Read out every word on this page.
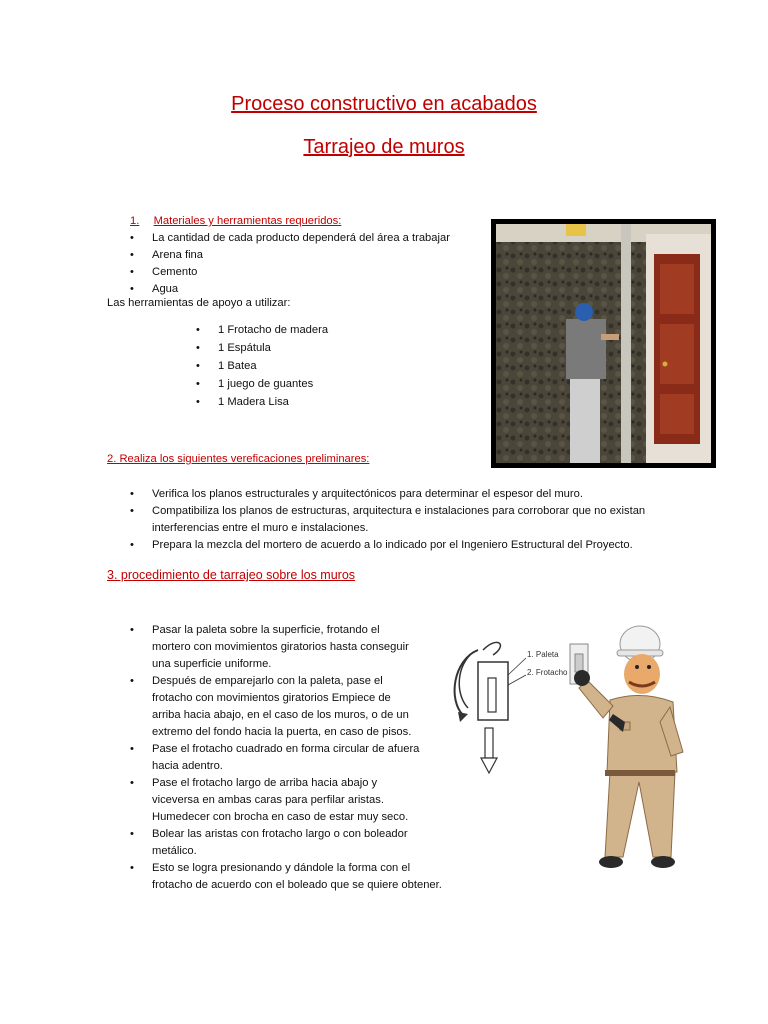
Proceso constructivo en acabados
Tarrajeo de muros
1. Materiales y herramientas requeridos:
• La cantidad de cada producto dependerá del área a trabajar
• Arena fina
• Cemento
• Agua
Las herramientas de apoyo a utilizar:
• 1 Frotacho de madera
• 1 Espátula
• 1 Batea
• 1 juego de guantes
• 1 Madera Lisa
2. Realiza los siguientes vereficaciones preliminares:
• Verifica los planos estructurales y arquitectónicos para determinar el espesor del muro.
• Compatibiliza los planos de estructuras, arquitectura e instalaciones para corroborar que no existan
interferencias entre el muro e instalaciones.
• Prepara la mezcla del mortero de acuerdo a lo indicado por el Ingeniero Estructural del Proyecto.
3. procedimiento de tarrajeo sobre los muros
• Pasar la paleta sobre la superficie, frotando el
mortero con movimientos giratorios hasta conseguir
una superficie uniforme.
• Después de emparejarlo con la paleta, pase el
frotacho con movimientos giratorios Empiece de
arriba hacia abajo, en el caso de los muros, o de un
extremo del fondo hacia la puerta, en caso de pisos.
• Pase el frotacho cuadrado en forma circular de afuera
hacia adentro.
• Pase el frotacho largo de arriba hacia abajo y
viceversa en ambas caras para perfilar aristas.
Humedecer con brocha en caso de estar muy seco.
• Bolear las aristas con frotacho largo o con boleador
metálico.
• Esto se logra presionando y dándole la forma con el
frotacho de acuerdo con el boleado que se quiere obtener.
1. Paleta
2. Frotacho
